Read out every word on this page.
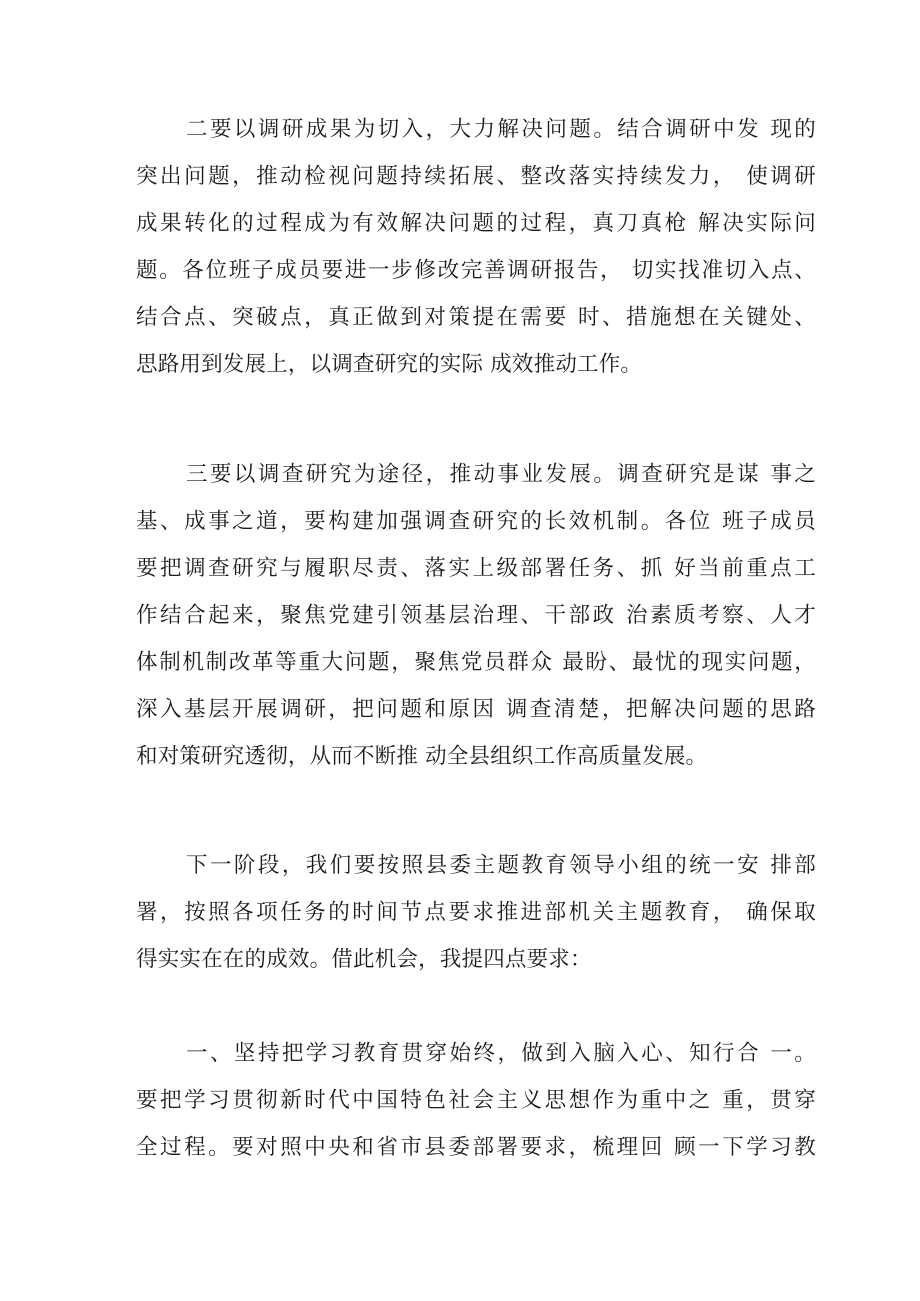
二要以调研成果为切入，大力解决问题。结合调研中发 现的
突出问题，推动检视问题持续拓展、整改落实持续发力， 使调研
成果转化的过程成为有效解决问题的过程，真刀真枪 解决实际问
题。各位班子成员要进一步修改完善调研报告， 切实找准切入点、
结合点、突破点，真正做到对策提在需要 时、措施想在关键处、
思路用到发展上，以调查研究的实际 成效推动工作。
三要以调查研究为途径，推动事业发展。调查研究是谋 事之
基、成事之道，要构建加强调查研究的长效机制。各位 班子成员
要把调查研究与履职尽责、落实上级部署任务、抓 好当前重点工
作结合起来，聚焦党建引领基层治理、干部政 治素质考察、人才
体制机制改革等重大问题，聚焦党员群众 最盼、最忧的现实问题，
深入基层开展调研，把问题和原因 调查清楚，把解决问题的思路
和对策研究透彻，从而不断推 动全县组织工作高质量发展。
下一阶段，我们要按照县委主题教育领导小组的统一安 排部
署，按照各项任务的时间节点要求推进部机关主题教育， 确保取
得实实在在的成效。借此机会，我提四点要求：
一、坚持把学习教育贯穿始终，做到入脑入心、知行合 一。
要把学习贯彻新时代中国特色社会主义思想作为重中之 重，贯穿
全过程。要对照中央和省市县委部署要求，梳理回 顾一下学习教
